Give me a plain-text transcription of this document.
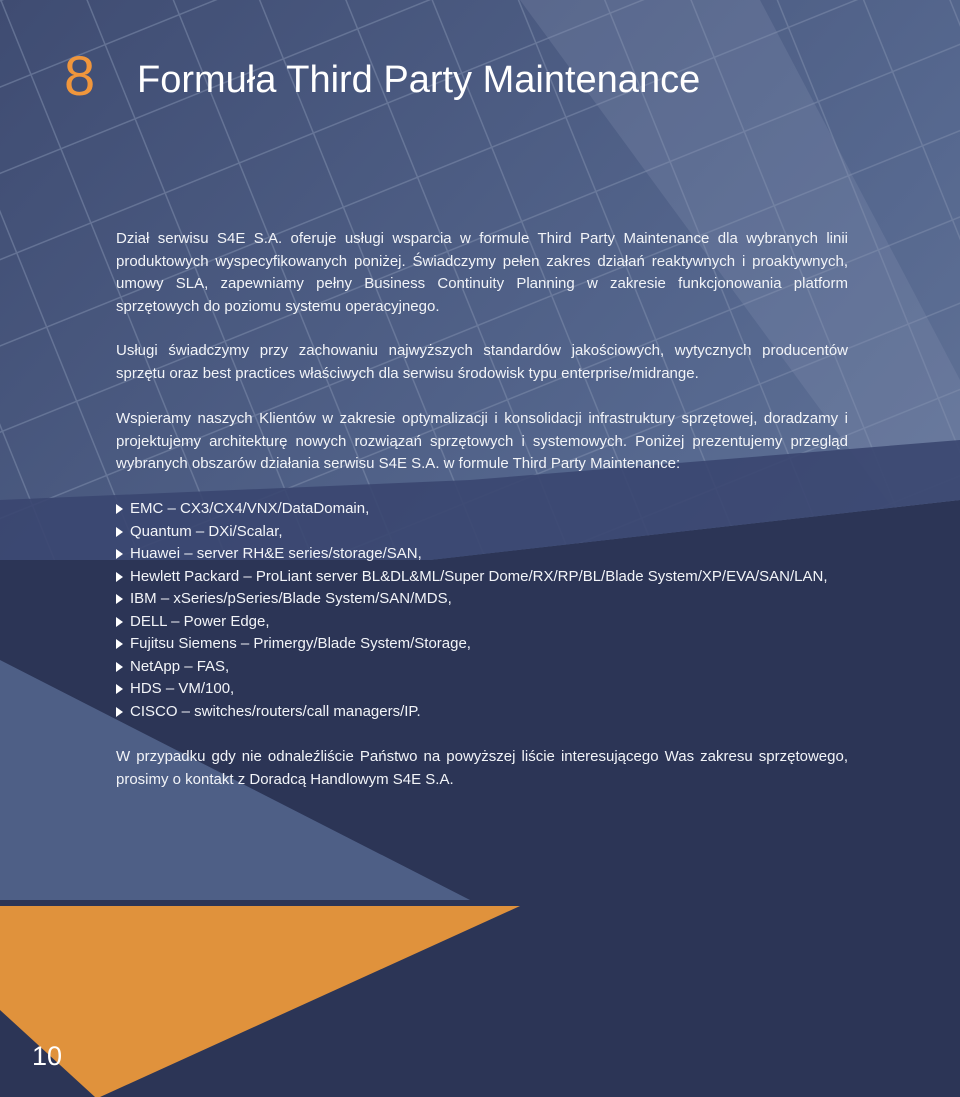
8 Formuła Third Party Maintenance

Dział serwisu S4E S.A. oferuje usługi wsparcia w formule Third Party Maintenance dla wybranych linii produktowych wyspecyfikowanych poniżej. Świadczymy pełen zakres działań reaktywnych i proaktywnych, umowy SLA, zapewniamy pełny Business Continuity Planning w zakresie funkcjonowania platform sprzętowych do poziomu systemu operacyjnego.

Usługi świadczymy przy zachowaniu najwyższych standardów jakościowych, wytycznych producentów sprzętu oraz best practices właściwych dla serwisu środowisk typu enterprise/midrange.

Wspieramy naszych Klientów w zakresie optymalizacji i konsolidacji infrastruktury sprzętowej, doradzamy i projektujemy architekturę nowych rozwiązań sprzętowych i systemowych. Poniżej prezentujemy przegląd wybranych obszarów działania serwisu S4E S.A. w formule Third Party Maintenance:

EMC – CX3/CX4/VNX/DataDomain,
Quantum – DXi/Scalar,
Huawei – server RH&E series/storage/SAN,
Hewlett Packard – ProLiant server BL&DL&ML/Super Dome/RX/RP/BL/Blade System/XP/EVA/SAN/LAN,
IBM – xSeries/pSeries/Blade System/SAN/MDS,
DELL – Power Edge,
Fujitsu Siemens – Primergy/Blade System/Storage,
NetApp – FAS,
HDS – VM/100,
CISCO – switches/routers/call managers/IP.

W przypadku gdy nie odnaleźliście Państwo na powyższej liście interesującego Was zakresu sprzętowego, prosimy o kontakt z Doradcą Handlowym S4E S.A.

10
